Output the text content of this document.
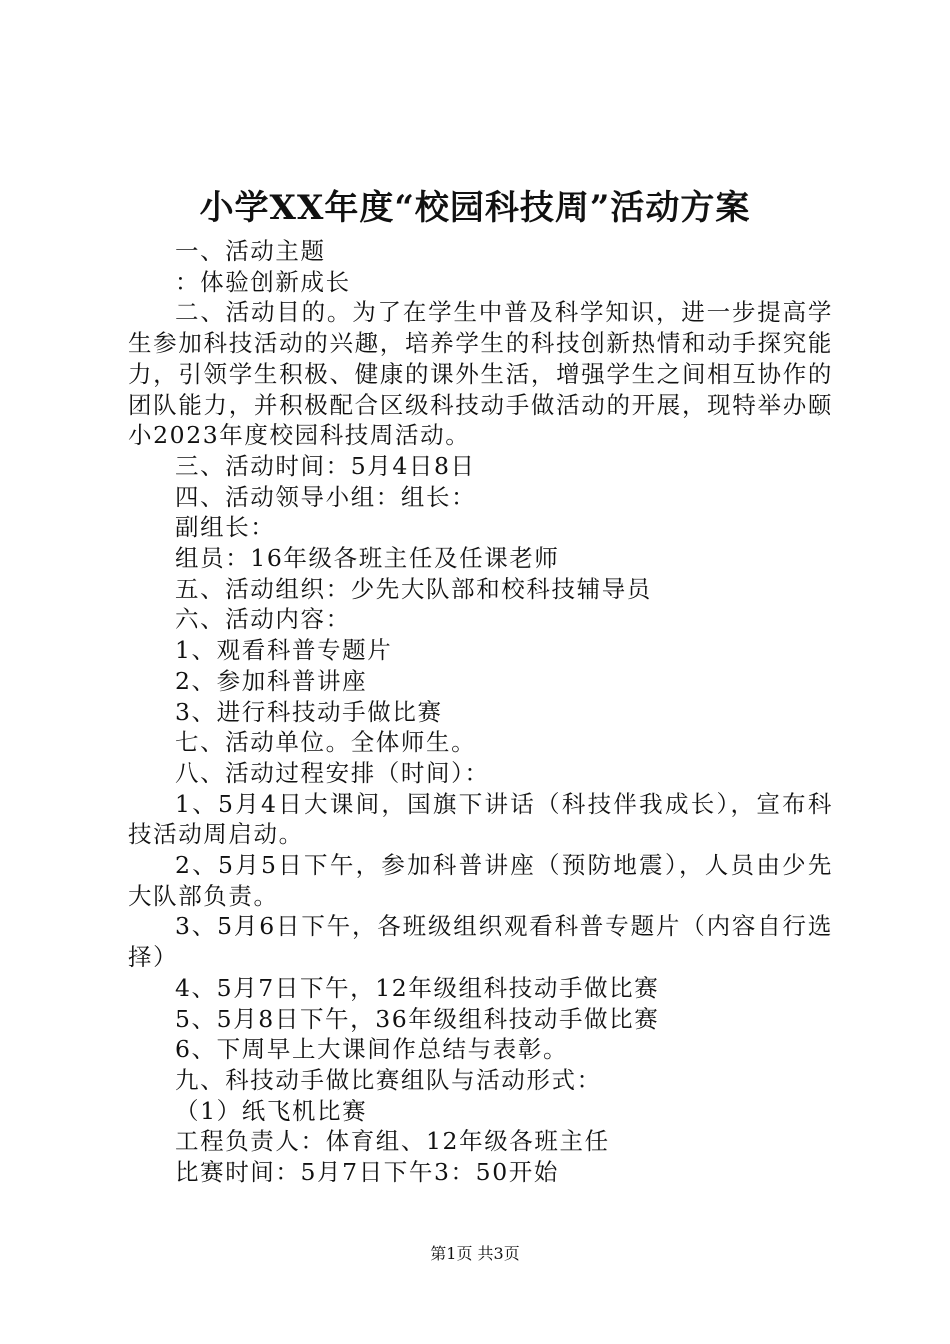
小学XX年度“校园科技周”活动方案

一、活动主题

：体验创新成长

二、活动目的。为了在学生中普及科学知识，进一步提高学生参加科技活动的兴趣，培养学生的科技创新热情和动手探究能力，引领学生积极、健康的课外生活，增强学生之间相互协作的团队能力，并积极配合区级科技动手做活动的开展，现特举办颐小2023年度校园科技周活动。

三、活动时间：5月4日8日

四、活动领导小组：组长：

副组长：

组员：16年级各班主任及任课老师

五、活动组织：少先大队部和校科技辅导员

六、活动内容：

1、观看科普专题片

2、参加科普讲座

3、进行科技动手做比赛

七、活动单位。全体师生。

八、活动过程安排（时间）：

1、5月4日大课间，国旗下讲话（科技伴我成长），宣布科技活动周启动。

2、5月5日下午，参加科普讲座（预防地震），人员由少先大队部负责。

3、5月6日下午，各班级组织观看科普专题片（内容自行选择）

4、5月7日下午，12年级组科技动手做比赛

5、5月8日下午，36年级组科技动手做比赛

6、下周早上大课间作总结与表彰。

九、科技动手做比赛组队与活动形式：

（1）纸飞机比赛

工程负责人：体育组、12年级各班主任

比赛时间：5月7日下午3：50开始

第1页 共3页
